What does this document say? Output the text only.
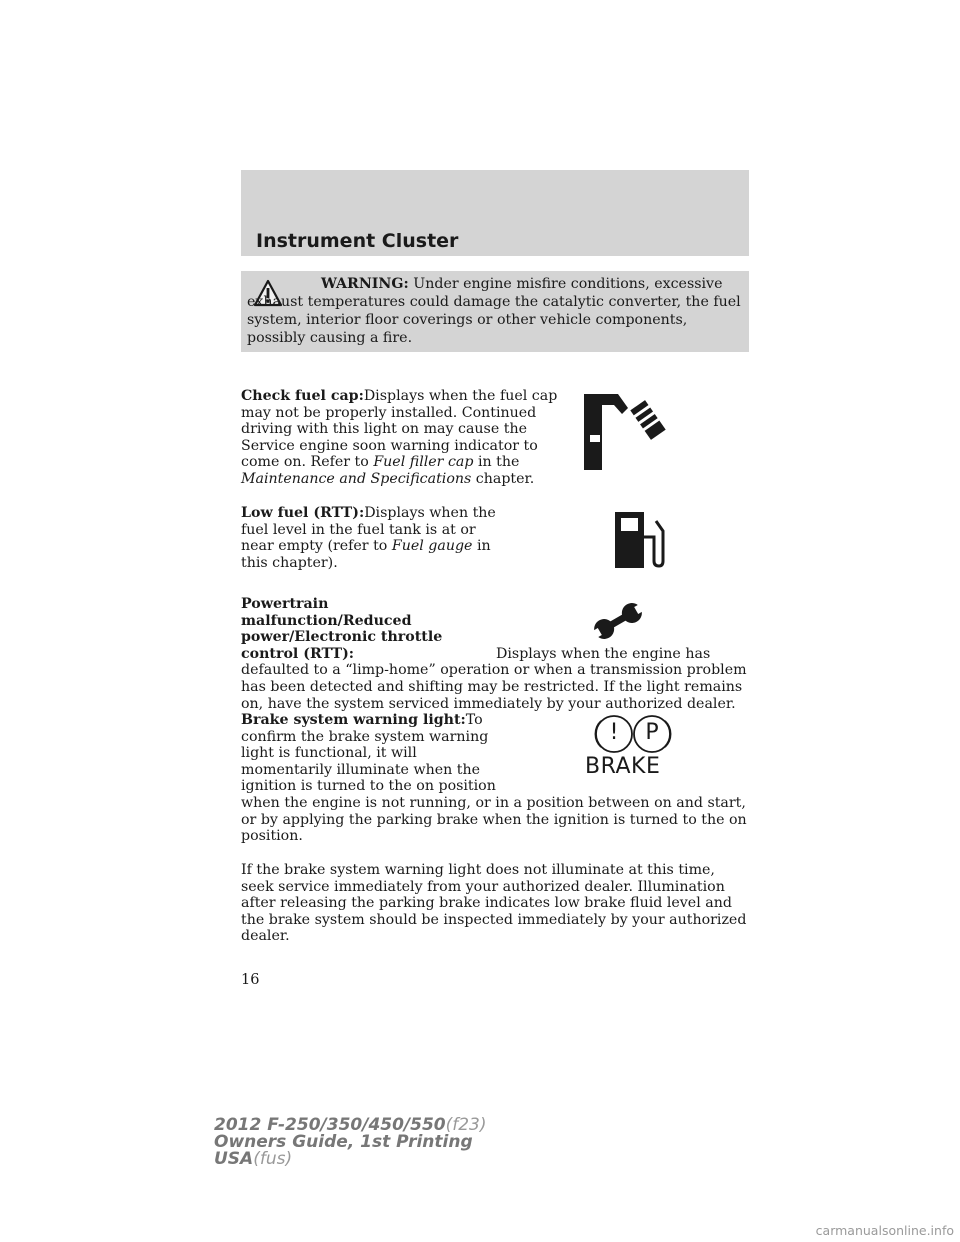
Instrument Cluster
WARNING: Under engine misfire conditions, excessive exhaust temperatures could damage the catalytic converter, the fuel system, interior floor coverings or other vehicle components, possibly causing a fire.
Check fuel cap:Displays when the fuel cap may not be properly installed. Continued driving with this light on may cause the Service engine soon warning indicator to come on. Refer to Fuel filler cap in the Maintenance and Specifications chapter.
Low fuel (RTT):Displays when the fuel level in the fuel tank is at or near empty (refer to Fuel gauge in this chapter).
Powertrain malfunction/Reduced power/Electronic throttle control (RTT):	Displays when the engine has defaulted to a “limp-home” operation or when a transmission problem has been detected and shifting may be restricted. If the light remains on, have the system serviced immediately by your authorized dealer.
Brake system warning light:
To confirm the brake system warning light is functional, it will momentarily illuminate when the ignition is turned to the on position when the engine is not running, or in a position between on and start, or by applying the parking brake when the ignition is turned to the on position.
! P
BRAKE
If the brake system warning light does not illuminate at this time, seek service immediately from your authorized dealer. Illumination after releasing the parking brake indicates low brake fluid level and the brake system should be inspected immediately by your authorized dealer.
16
2012 F-250/350/450/550(f23)
Owners Guide, 1st Printing
USA(fus)
carmanualsonline.info
